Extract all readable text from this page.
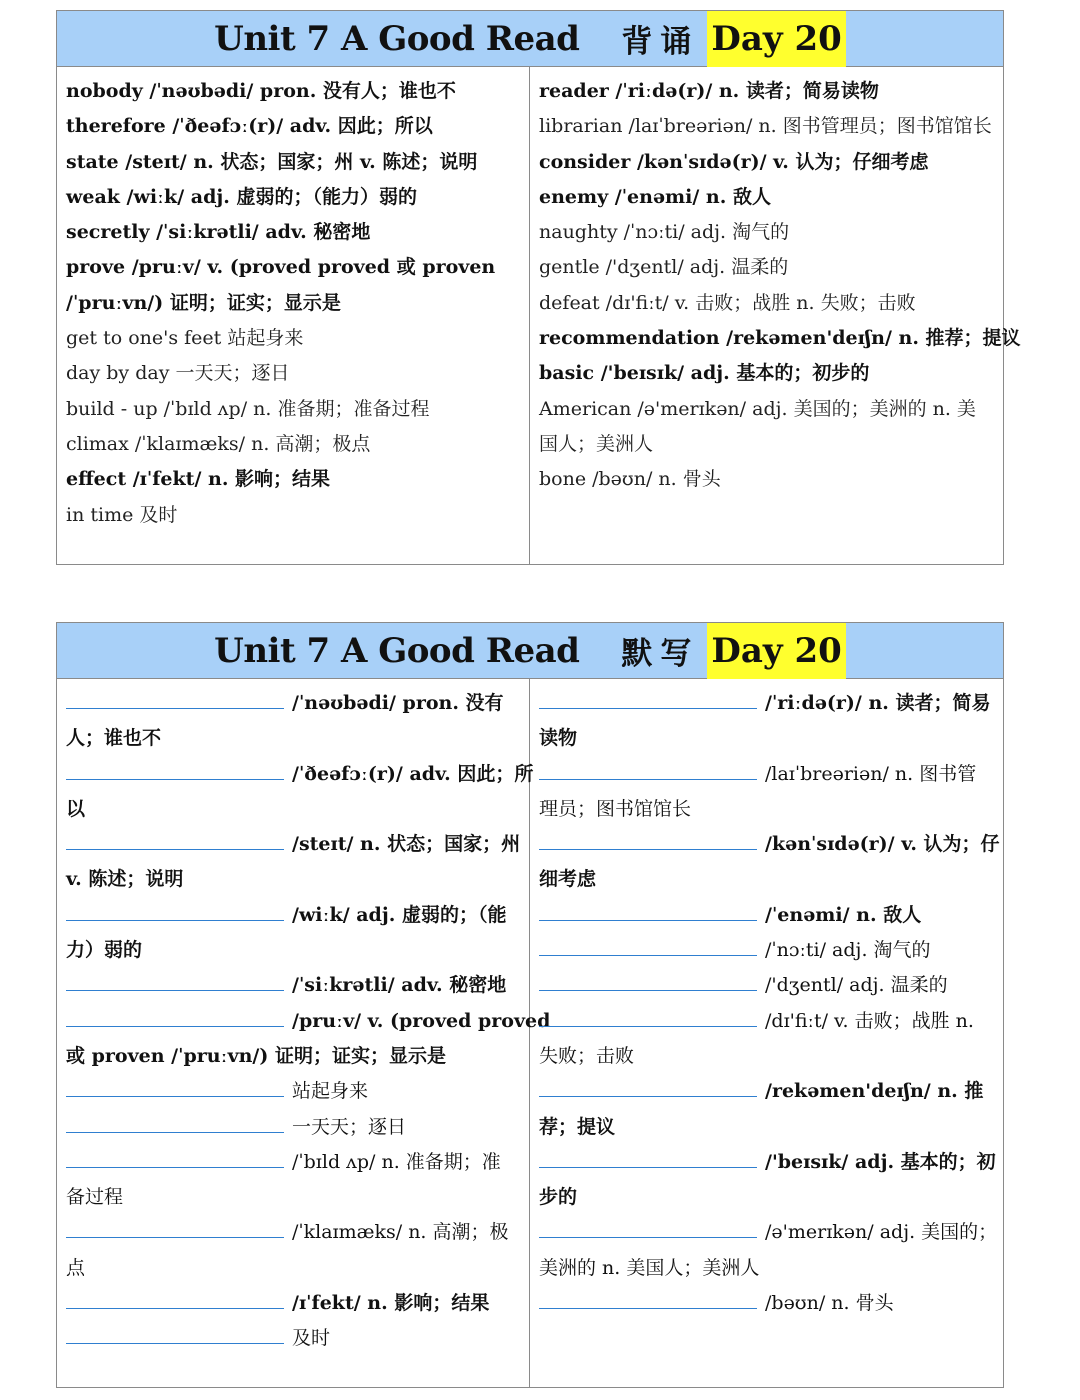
Unit 7 A Good Read 背诵 Day 20
nobody /ˈnəʊbədi/ pron. 没有人；谁也不
therefore /ˈðeəfɔː(r)/ adv. 因此；所以
state /steɪt/ n. 状态；国家；州 v. 陈述；说明
weak /wiːk/ adj. 虚弱的；（能力）弱的
secretly /ˈsiːkrətli/ adv. 秘密地
prove /pruːv/ v. (proved proved 或 proven
/ˈpruːvn/) 证明；证实；显示是
get to one's feet 站起身来
day by day 一天天；逐日
build - up /ˈbɪld ʌp/ n. 准备期；准备过程
climax /ˈklaɪmæks/ n. 高潮；极点
effect /ɪˈfekt/ n. 影响；结果
in time 及时
reader /ˈriːdə(r)/ n. 读者；简易读物
librarian /laɪˈbreəriən/ n. 图书管理员；图书馆馆长
consider /kənˈsɪdə(r)/ v. 认为；仔细考虑
enemy /ˈenəmi/ n. 敌人
naughty /ˈnɔːti/ adj. 淘气的
gentle /'dʒentl/ adj. 温柔的
defeat /dɪ'fiːt/ v. 击败；战胜 n. 失败；击败
recommendation /rekəmen'deɪʃn/ n. 推荐；提议
basic /'beɪsɪk/ adj. 基本的；初步的
American /ə'merɪkən/ adj. 美国的；美洲的 n. 美
国人；美洲人
bone /bəʊn/ n. 骨头
Unit 7 A Good Read 默写 Day 20
/ˈnəʊbədi/ pron. 没有
人；谁也不
/ˈðeəfɔː(r)/ adv. 因此；所
以
/steɪt/ n. 状态；国家；州
v. 陈述；说明
/wiːk/ adj. 虚弱的；（能
力）弱的
/ˈsiːkrətli/ adv. 秘密地
/pruːv/ v. (proved proved
或 proven /ˈpruːvn/) 证明；证实；显示是
站起身来
一天天；逐日
/ˈbɪld ʌp/ n. 准备期；准
备过程
/ˈklaɪmæks/ n. 高潮；极
点
/ɪˈfekt/ n. 影响；结果
及时
/ˈriːdə(r)/ n. 读者；简易
读物
/laɪˈbreəriən/ n. 图书管
理员；图书馆馆长
/kənˈsɪdə(r)/ v. 认为；仔
细考虑
/ˈenəmi/ n. 敌人
/ˈnɔːti/ adj. 淘气的
/'dʒentl/ adj. 温柔的
/dɪ'fiːt/ v. 击败；战胜 n.
失败；击败
/rekəmen'deɪʃn/ n. 推
荐；提议
/'beɪsɪk/ adj. 基本的；初
步的
/ə'merɪkən/ adj. 美国的；
美洲的 n. 美国人；美洲人
/bəʊn/ n. 骨头
